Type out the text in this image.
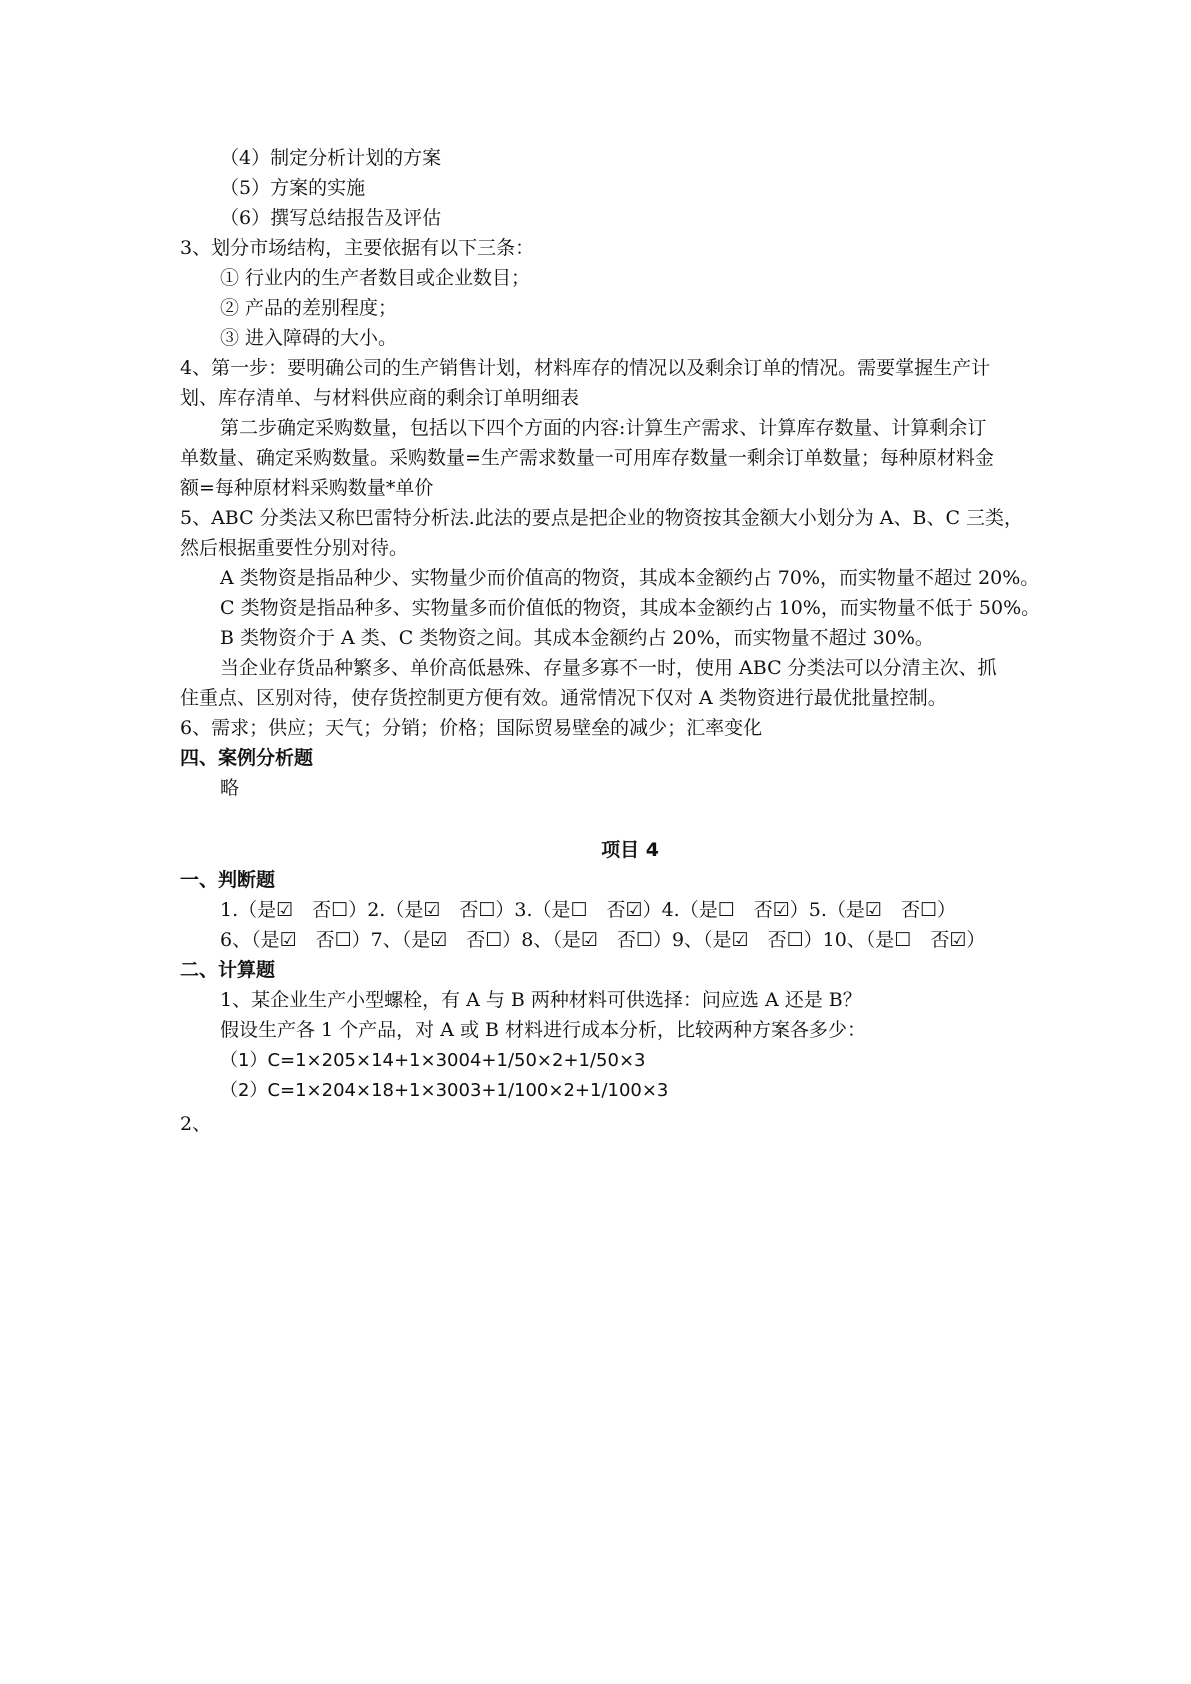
（4）制定分析计划的方案
（5）方案的实施
（6）撰写总结报告及评估
3、划分市场结构，主要依据有以下三条：
① 行业内的生产者数目或企业数目；
② 产品的差别程度；
③ 进入障碍的大小。
4、第一步：要明确公司的生产销售计划，材料库存的情况以及剩余订单的情况。需要掌握生产计
划、库存清单、与材料供应商的剩余订单明细表
第二步确定采购数量，包括以下四个方面的内容:计算生产需求、计算库存数量、计算剩余订
单数量、确定采购数量。采购数量=生产需求数量一可用库存数量一剩余订单数量；每种原材料金
额=每种原材料采购数量*单价
5、ABC 分类法又称巴雷特分析法.此法的要点是把企业的物资按其金额大小划分为 A、B、C 三类，
然后根据重要性分别对待。
A 类物资是指品种少、实物量少而价值高的物资，其成本金额约占 70%，而实物量不超过 20%。
C 类物资是指品种多、实物量多而价值低的物资，其成本金额约占 10%，而实物量不低于 50%。
B 类物资介于 A 类、C 类物资之间。其成本金额约占 20%，而实物量不超过 30%。
当企业存货品种繁多、单价高低悬殊、存量多寡不一时，使用 ABC 分类法可以分清主次、抓
住重点、区别对待，使存货控制更方便有效。通常情况下仅对 A 类物资进行最优批量控制。
6、需求；供应；天气；分销；价格；国际贸易壁垒的减少；汇率变化
四、案例分析题
略
项目 4
一、判断题
1.（是☑　否☐）2.（是☑　否☐）3.（是☐　否☑）4.（是☐　否☑）5.（是☑　否☐）
6、（是☑　否☐）7、（是☑　否☐）8、（是☑　否☐）9、（是☑　否☐）10、（是☐　否☑）
二、计算题
1、某企业生产小型螺栓，有 A 与 B 两种材料可供选择：问应选 A 还是 B？
假设生产各 1 个产品，对 A 或 B 材料进行成本分析，比较两种方案各多少：
（1）C=1×205×14+1×3004+1/50×2+1/50×3
（2）C=1×204×18+1×3003+1/100×2+1/100×3
2、
